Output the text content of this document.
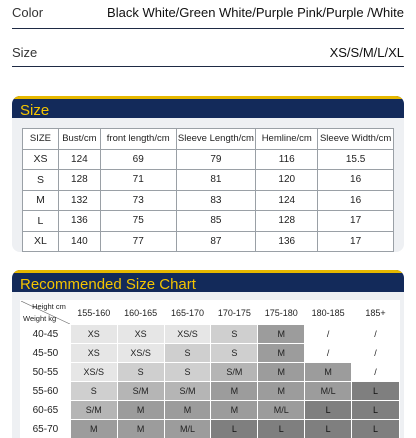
Color	Black White/Green White/Purple Pink/Purple /White
Size	XS/S/M/L/XL
Size
SIZE	Bust/cm	front length/cm	Sleeve Length/cm	Hemline/cm	Sleeve Width/cm
XS	124	69	79	116	15.5
S	128	71	81	120	16
M	132	73	83	124	16
L	136	75	85	128	17
XL	140	77	87	136	17
Recommended Size Chart
Height cm
Weight kg	155-160	160-165	165-170	170-175	175-180	180-185	185+
40-45	XS	XS	XS/S	S	M	/	/
45-50	XS	XS/S	S	S	M	/	/
50-55	XS/S	S	S	S/M	M	M	/
55-60	S	S/M	S/M	M	M	M/L	L
60-65	S/M	M	M	M	M/L	L	L
65-70	M	M	M/L	L	L	L	L
